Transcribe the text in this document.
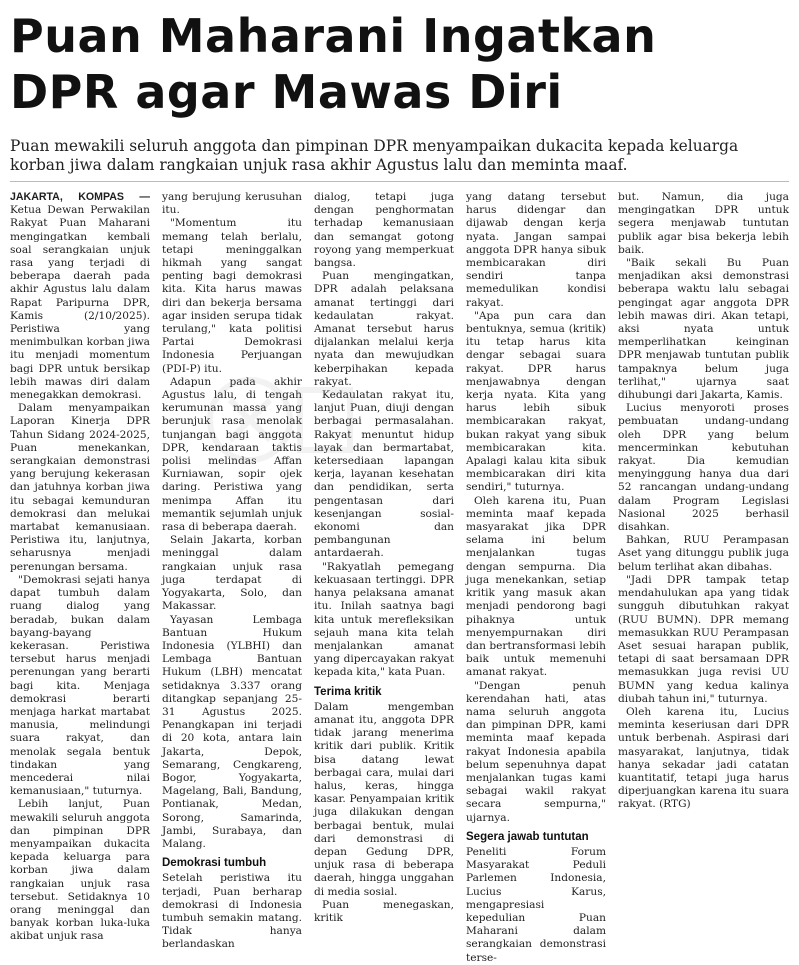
Puan Maharani Ingatkan
DPR agar Mawas Diri

Puan mewakili seluruh anggota dan pimpinan DPR menyampaikan dukacita kepada keluarga korban jiwa dalam rangkaian unjuk rasa akhir Agustus lalu dan meminta maaf.

JAKARTA, KOMPAS — Ketua Dewan Perwakilan Rakyat Puan Maharani mengingatkan kembali soal serangkaian unjuk rasa yang terjadi di beberapa daerah pada akhir Agustus lalu dalam Rapat Paripurna DPR, Kamis (2/10/2025). Peristiwa yang menimbulkan korban jiwa itu menjadi momentum bagi DPR untuk bersikap lebih mawas diri dalam menegakkan demokrasi.

Dalam menyampaikan Laporan Kinerja DPR Tahun Sidang 2024-2025, Puan menekankan, serangkaian demonstrasi yang berujung kekerasan dan jatuhnya korban jiwa itu sebagai kemunduran demokrasi dan melukai martabat kemanusiaan. Peristiwa itu, lanjutnya, seharusnya menjadi perenungan bersama.

"Demokrasi sejati hanya dapat tumbuh dalam ruang dialog yang beradab, bukan dalam bayang-bayang kekerasan. Peristiwa tersebut harus menjadi perenungan yang berarti bagi kita. Menjaga demokrasi berarti menjaga harkat martabat manusia, melindungi suara rakyat, dan menolak segala bentuk tindakan yang mencederai nilai kemanusiaan," tuturnya.

Lebih lanjut, Puan mewakili seluruh anggota dan pimpinan DPR menyampaikan dukacita kepada keluarga para korban jiwa dalam rangkaian unjuk rasa tersebut. Setidaknya 10 orang meninggal dan banyak korban luka-luka akibat unjuk rasa

yang berujung kerusuhan itu.

"Momentum itu memang telah berlalu, tetapi meninggalkan hikmah yang sangat penting bagi demokrasi kita. Kita harus mawas diri dan bekerja bersama agar insiden serupa tidak terulang," kata politisi Partai Demokrasi Indonesia Perjuangan (PDI-P) itu.

Adapun pada akhir Agustus lalu, di tengah kerumunan massa yang berunjuk rasa menolak tunjangan bagi anggota DPR, kendaraan taktis polisi melindas Affan Kurniawan, sopir ojek daring. Peristiwa yang menimpa Affan itu memantik sejumlah unjuk rasa di beberapa daerah.

Selain Jakarta, korban meninggal dalam rangkaian unjuk rasa juga terdapat di Yogyakarta, Solo, dan Makassar.

Yayasan Lembaga Bantuan Hukum Indonesia (YLBHI) dan Lembaga Bantuan Hukum (LBH) mencatat setidaknya 3.337 orang ditangkap sepanjang 25-31 Agustus 2025. Penangkapan ini terjadi di 20 kota, antara lain Jakarta, Depok, Semarang, Cengkareng, Bogor, Yogyakarta, Magelang, Bali, Bandung, Pontianak, Medan, Sorong, Samarinda, Jambi, Surabaya, dan Malang.

Demokrasi tumbuh

Setelah peristiwa itu terjadi, Puan berharap demokrasi di Indonesia tumbuh semakin matang. Tidak hanya berlandaskan

dialog, tetapi juga dengan penghormatan terhadap kemanusiaan dan semangat gotong royong yang memperkuat bangsa.

Puan mengingatkan, DPR adalah pelaksana amanat tertinggi dari kedaulatan rakyat. Amanat tersebut harus dijalankan melalui kerja nyata dan mewujudkan keberpihakan kepada rakyat.

Kedaulatan rakyat itu, lanjut Puan, diuji dengan berbagai permasalahan. Rakyat menuntut hidup layak dan bermartabat, ketersediaan lapangan kerja, layanan kesehatan dan pendidikan, serta pengentasan dari kesenjangan sosial-ekonomi dan pembangunan antardaerah.

"Rakyatlah pemegang kekuasaan tertinggi. DPR hanya pelaksana amanat itu. Inilah saatnya bagi kita untuk merefleksikan sejauh mana kita telah menjalankan amanat yang dipercayakan rakyat kepada kita," kata Puan.

Terima kritik

Dalam mengemban amanat itu, anggota DPR tidak jarang menerima kritik dari publik. Kritik bisa datang lewat berbagai cara, mulai dari halus, keras, hingga kasar. Penyampaian kritik juga dilakukan dengan berbagai bentuk, mulai dari demonstrasi di depan Gedung DPR, unjuk rasa di beberapa daerah, hingga unggahan di media sosial.

Puan menegaskan, kritik

yang datang tersebut harus didengar dan dijawab dengan kerja nyata. Jangan sampai anggota DPR hanya sibuk membicarakan diri sendiri tanpa memedulikan kondisi rakyat.

"Apa pun cara dan bentuknya, semua (kritik) itu tetap harus kita dengar sebagai suara rakyat. DPR harus menjawabnya dengan kerja nyata. Kita yang harus lebih sibuk membicarakan rakyat, bukan rakyat yang sibuk membicarakan kita. Apalagi kalau kita sibuk membicarakan diri kita sendiri," tuturnya.

Oleh karena itu, Puan meminta maaf kepada masyarakat jika DPR selama ini belum menjalankan tugas dengan sempurna. Dia juga menekankan, setiap kritik yang masuk akan menjadi pendorong bagi pihaknya untuk menyempurnakan diri dan bertransformasi lebih baik untuk memenuhi amanat rakyat.

"Dengan penuh kerendahan hati, atas nama seluruh anggota dan pimpinan DPR, kami meminta maaf kepada rakyat Indonesia apabila belum sepenuhnya dapat menjalankan tugas kami sebagai wakil rakyat secara sempurna," ujarnya.

Segera jawab tuntutan

Peneliti Forum Masyarakat Peduli Parlemen Indonesia, Lucius Karus, mengapresiasi kepedulian Puan Maharani dalam serangkaian demonstrasi terse-

but. Namun, dia juga mengingatkan DPR untuk segera menjawab tuntutan publik agar bisa bekerja lebih baik.

"Baik sekali Bu Puan menjadikan aksi demonstrasi beberapa waktu lalu sebagai pengingat agar anggota DPR lebih mawas diri. Akan tetapi, aksi nyata untuk memperlihatkan keinginan DPR menjawab tuntutan publik tampaknya belum juga terlihat," ujarnya saat dihubungi dari Jakarta, Kamis.

Lucius menyoroti proses pembuatan undang-undang oleh DPR yang belum mencerminkan kebutuhan rakyat. Dia kemudian menyinggung hanya dua dari 52 rancangan undang-undang dalam Program Legislasi Nasional 2025 berhasil disahkan.

Bahkan, RUU Perampasan Aset yang ditunggu publik juga belum terlihat akan dibahas.

"Jadi DPR tampak tetap mendahulukan apa yang tidak sungguh dibutuhkan rakyat (RUU BUMN). DPR memang memasukkan RUU Perampasan Aset sesuai harapan publik, tetapi di saat bersamaan DPR memasukkan juga revisi UU BUMN yang kedua kalinya diubah tahun ini," tuturnya.

Oleh karena itu, Lucius meminta keseriusan dari DPR untuk berbenah. Aspirasi dari masyarakat, lanjutnya, tidak hanya sekadar jadi catatan kuantitatif, tetapi juga harus diperjuangkan karena itu suara rakyat. (RTG)
